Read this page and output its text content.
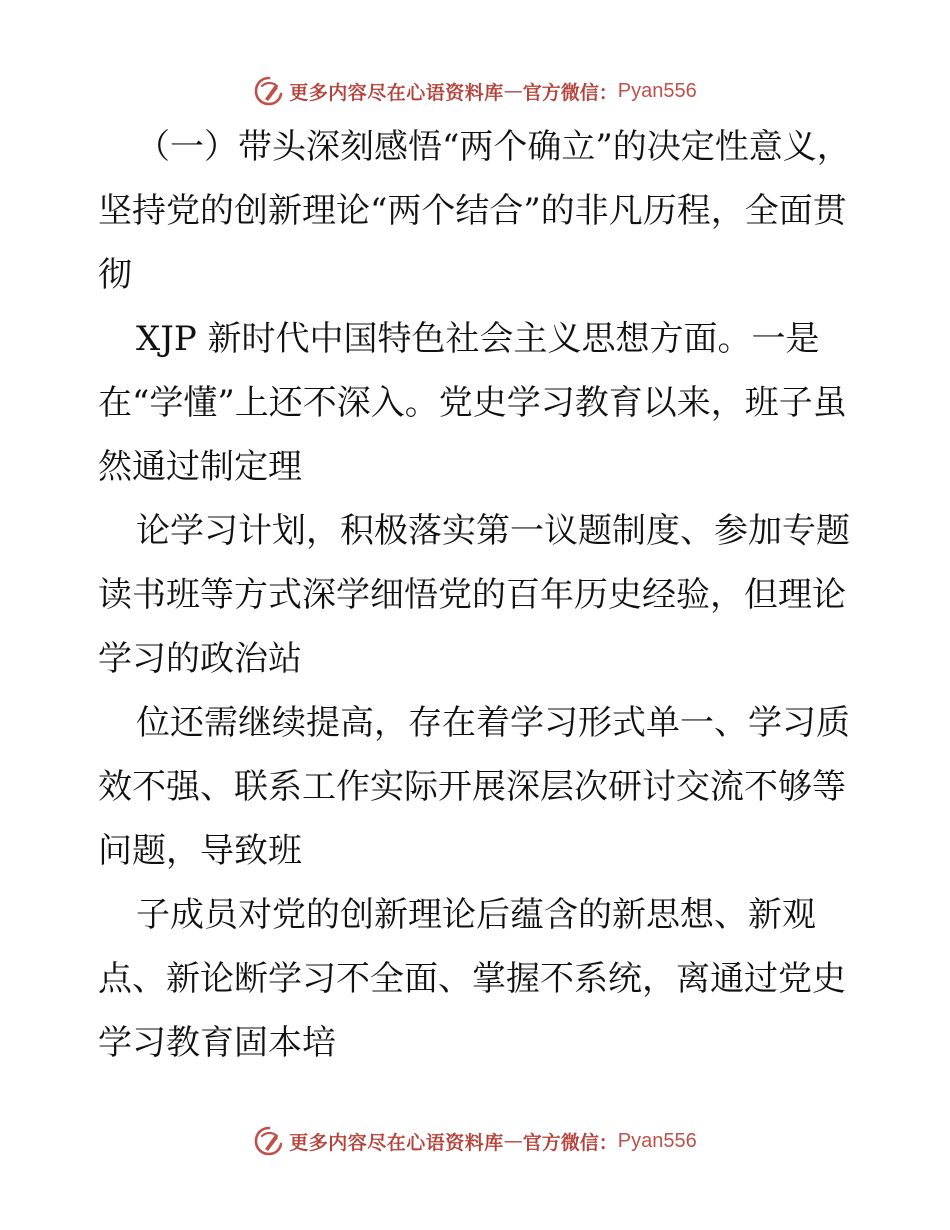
更多内容尽在心语资料库 — 官方微信： Pyan556

（一）带头深刻感悟“两个确立”的决定性意义，坚持党的创新理论“两个结合”的非凡历程，全面贯彻

XJP 新时代中国特色社会主义思想方面。一是在“学懂”上还不深入。党史学习教育以来，班子虽然通过制定理

论学习计划，积极落实第一议题制度、参加专题读书班等方式深学细悟党的百年历史经验，但理论学习的政治站

位还需继续提高，存在着学习形式单一、学习质效不强、联系工作实际开展深层次研讨交流不够等问题，导致班

子成员对党的创新理论后蕴含的新思想、新观点、新论断学习不全面、掌握不系统，离通过党史学习教育固本培

更多内容尽在心语资料库 — 官方微信： Pyan556
